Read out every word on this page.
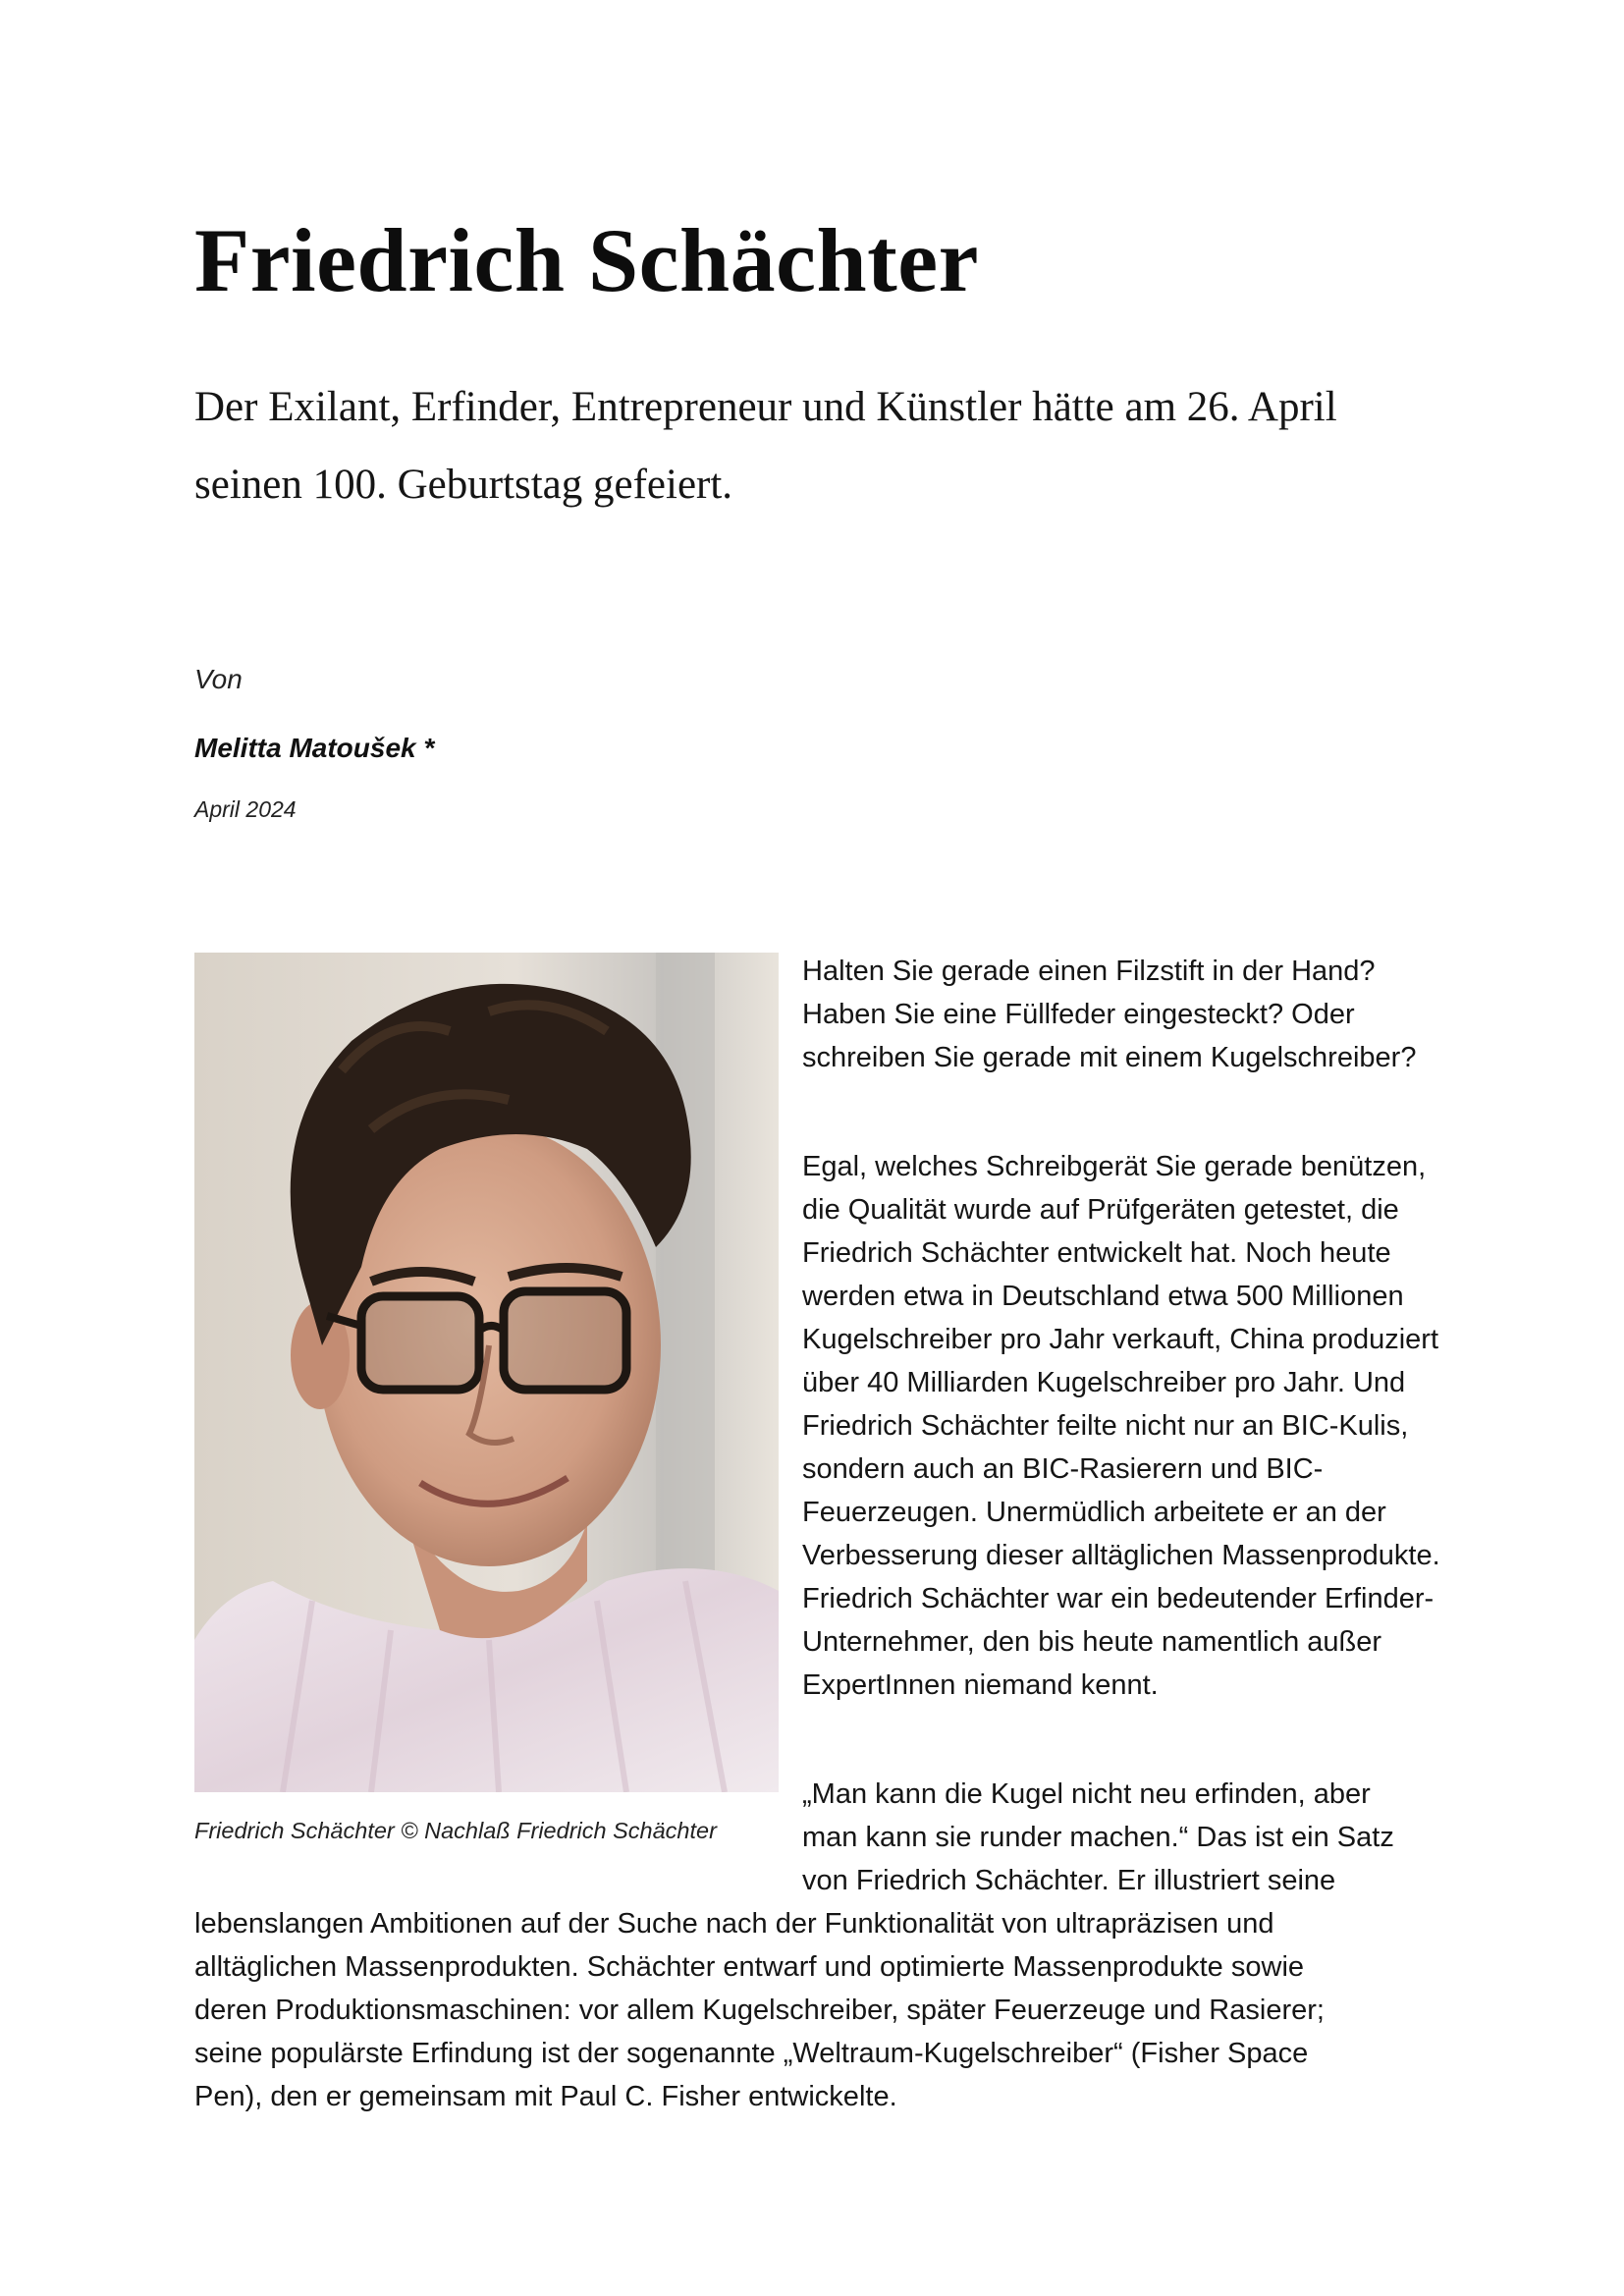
Friedrich Schächter

Der Exilant, Erfinder, Entrepreneur und Künstler hätte am 26. April seinen 100. Geburtstag gefeiert.

Von
Melitta Matoušek *
April 2024
Friedrich Schächter © Nachlaß Friedrich Schächter

Halten Sie gerade einen Filzstift in der Hand? Haben Sie eine Füllfeder eingesteckt? Oder schreiben Sie gerade mit einem Kugelschreiber?

Egal, welches Schreibgerät Sie gerade benützen, die Qualität wurde auf Prüfgeräten getestet, die Friedrich Schächter entwickelt hat. Noch heute werden etwa in Deutschland etwa 500 Millionen Kugelschreiber pro Jahr verkauft, China produziert über 40 Milliarden Kugelschreiber pro Jahr. Und Friedrich Schächter feilte nicht nur an BIC-Kulis, sondern auch an BIC-Rasierern und BIC-Feuerzeugen. Unermüdlich arbeitete er an der Verbesserung dieser alltäglichen Massenprodukte. Friedrich Schächter war ein bedeutender Erfinder-Unternehmer, den bis heute namentlich außer ExpertInnen niemand kennt.

„Man kann die Kugel nicht neu erfinden, aber
man kann sie runder machen.“ Das ist ein Satz
von Friedrich Schächter. Er illustriert seine
lebenslangen Ambitionen auf der Suche nach der Funktionalität von ultrapräzisen und
alltäglichen Massenprodukten. Schächter entwarf und optimierte Massenprodukte sowie
deren Produktionsmaschinen: vor allem Kugelschreiber, später Feuerzeuge und Rasierer;
seine populärste Erfindung ist der sogenannte „Weltraum-Kugelschreiber“ (Fisher Space
Pen), den er gemeinsam mit Paul C. Fisher entwickelte.
